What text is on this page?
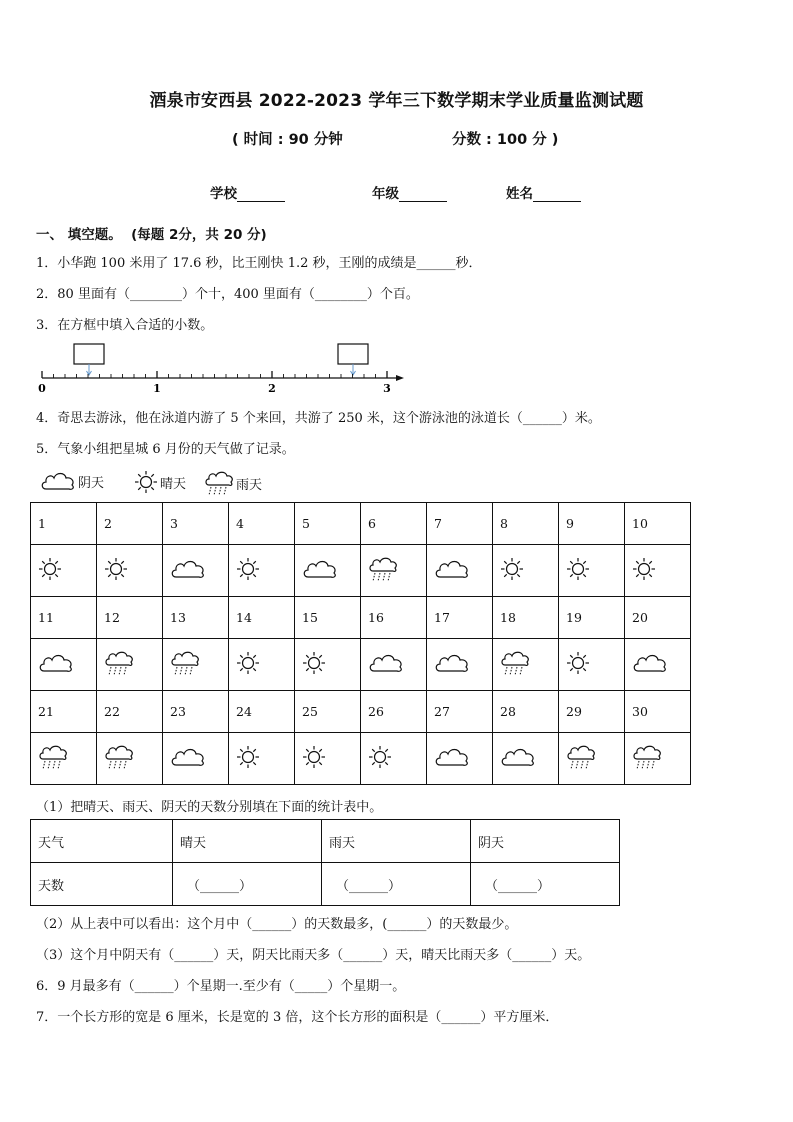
酒泉市安西县 2022-2023 学年三下数学期末学业质量监测试题
( 时间 : 90 分钟	分数 : 100 分 )
学校	年级	姓名
一、 填空题。 (每题 2分，共 20 分)
1．小华跑 100 米用了 17.6 秒，比王刚快 1.2 秒，王刚的成绩是______秒．
2．80 里面有（________）个十，400 里面有（________）个百。
3．在方框中填入合适的小数。
0	1	2	3
4．奇思去游泳，他在泳道内游了 5 个来回，共游了 250 米，这个游泳池的泳道长（______）米。
5．气象小组把星城 6 月份的天气做了记录。
阴天	晴天	雨天
1	2	3	4	5	6	7	8	9	10

11	12	13	14	15	16	17	18	19	20

21	22	23	24	25	26	27	28	29	30

（1）把晴天、雨天、阴天的天数分别填在下面的统计表中。
天气	晴天	雨天	阴天
天数	（______）	（______）	（______）
（2）从上表中可以看出：这个月中（______）的天数最多，(______）的天数最少。
（3）这个月中阴天有（______）天，阴天比雨天多（______）天，晴天比雨天多（______）天。
6．9 月最多有（______）个星期一.至少有（_____）个星期一。
7．一个长方形的宽是 6 厘米，长是宽的 3 倍，这个长方形的面积是（______）平方厘米．
